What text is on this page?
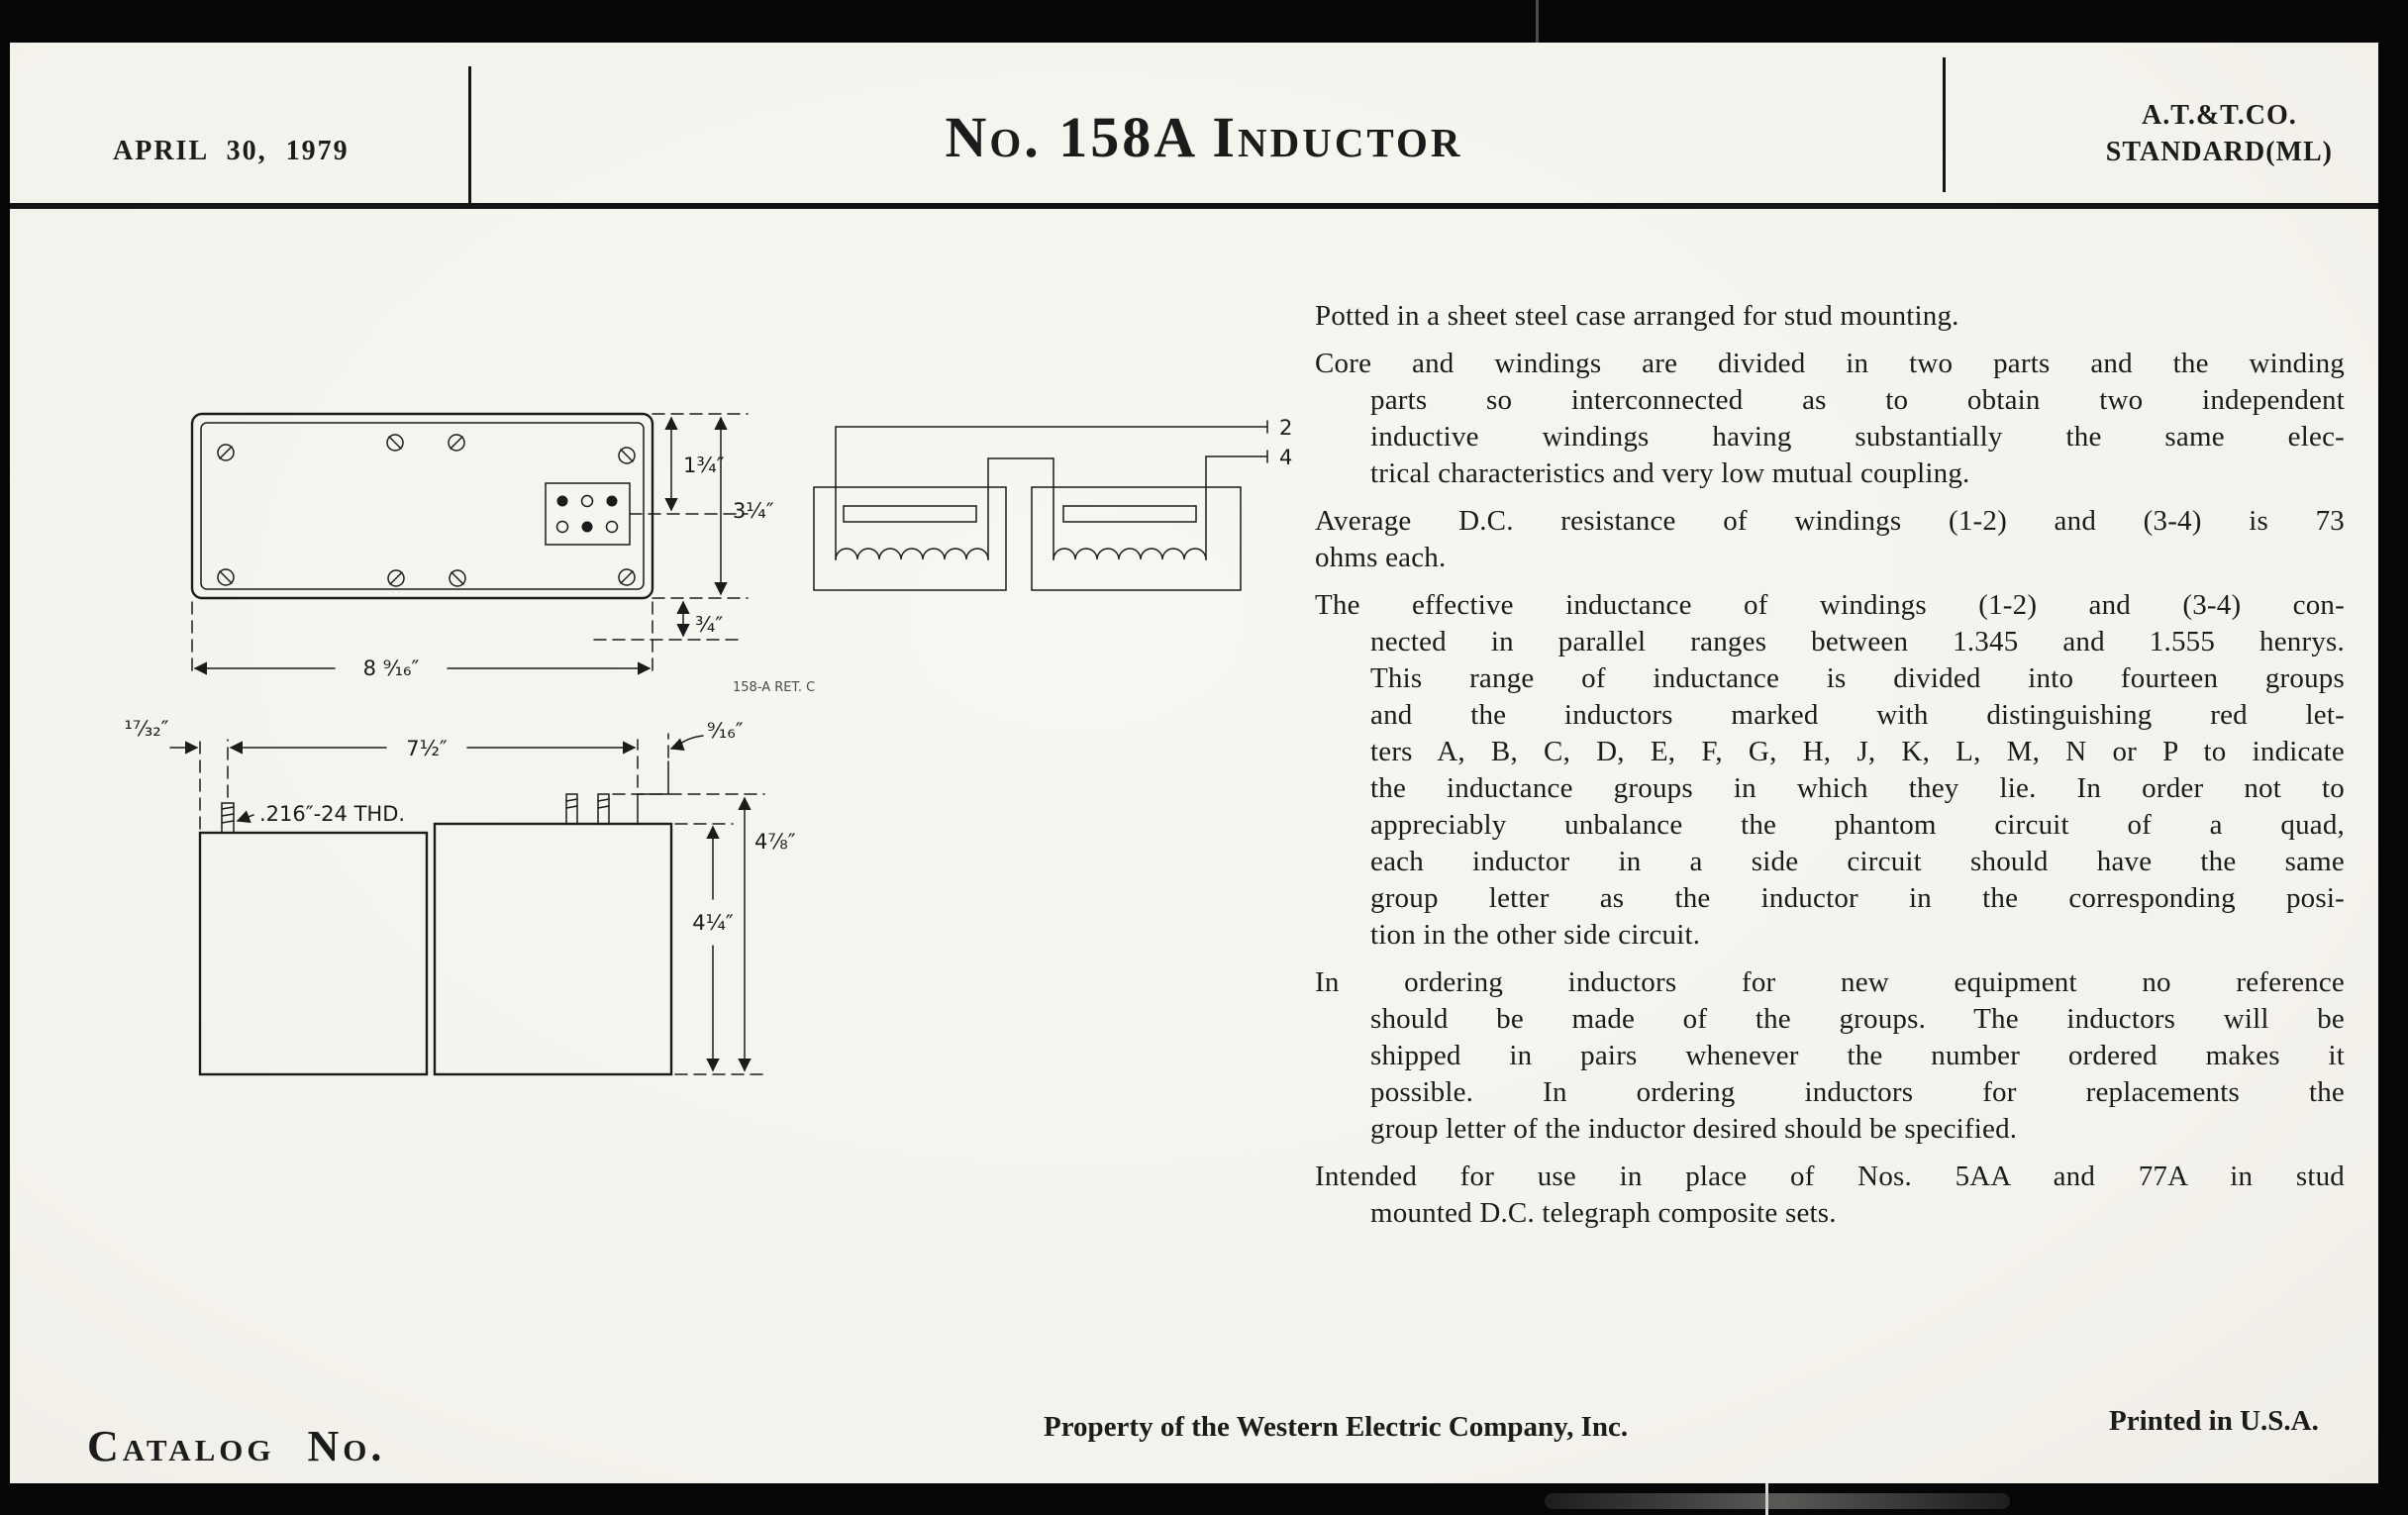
APRIL 30, 1979	No. 158A Inductor	A.T.&T.CO.
STANDARD(ML)
1¾″
3¼″
¾″
8 ⁹⁄₁₆″
158-A RET. C
2
4
.216″-24 THD.
7½″
¹⁷⁄₃₂″	⁹⁄₁₆″
4⅞″
4¼″

Potted in a sheet steel case arranged for stud mounting.

Core and windings are divided in two parts and the winding
parts so interconnected as to obtain two independent
inductive windings having substantially the same elec-
trical characteristics and very low mutual coupling.

Average D.C. resistance of windings (1-2) and (3-4) is 73
ohms each.

The effective inductance of windings (1-2) and (3-4) con-
nected in parallel ranges between 1.345 and 1.555 henrys.
This range of inductance is divided into fourteen groups
and the inductors marked with distinguishing red let-
ters A, B, C, D, E, F, G, H, J, K, L, M, N or P to indicate
the inductance groups in which they lie. In order not to
appreciably unbalance the phantom circuit of a quad,
each inductor in a side circuit should have the same
group letter as the inductor in the corresponding posi-
tion in the other side circuit.

In ordering inductors for new equipment no reference
should be made of the groups. The inductors will be
shipped in pairs whenever the number ordered makes it
possible. In ordering inductors for replacements the
group letter of the inductor desired should be specified.

Intended for use in place of Nos. 5AA and 77A in stud
mounted D.C. telegraph composite sets.

Catalog No.	Property of the Western Electric Company, Inc.	Printed in U.S.A.
